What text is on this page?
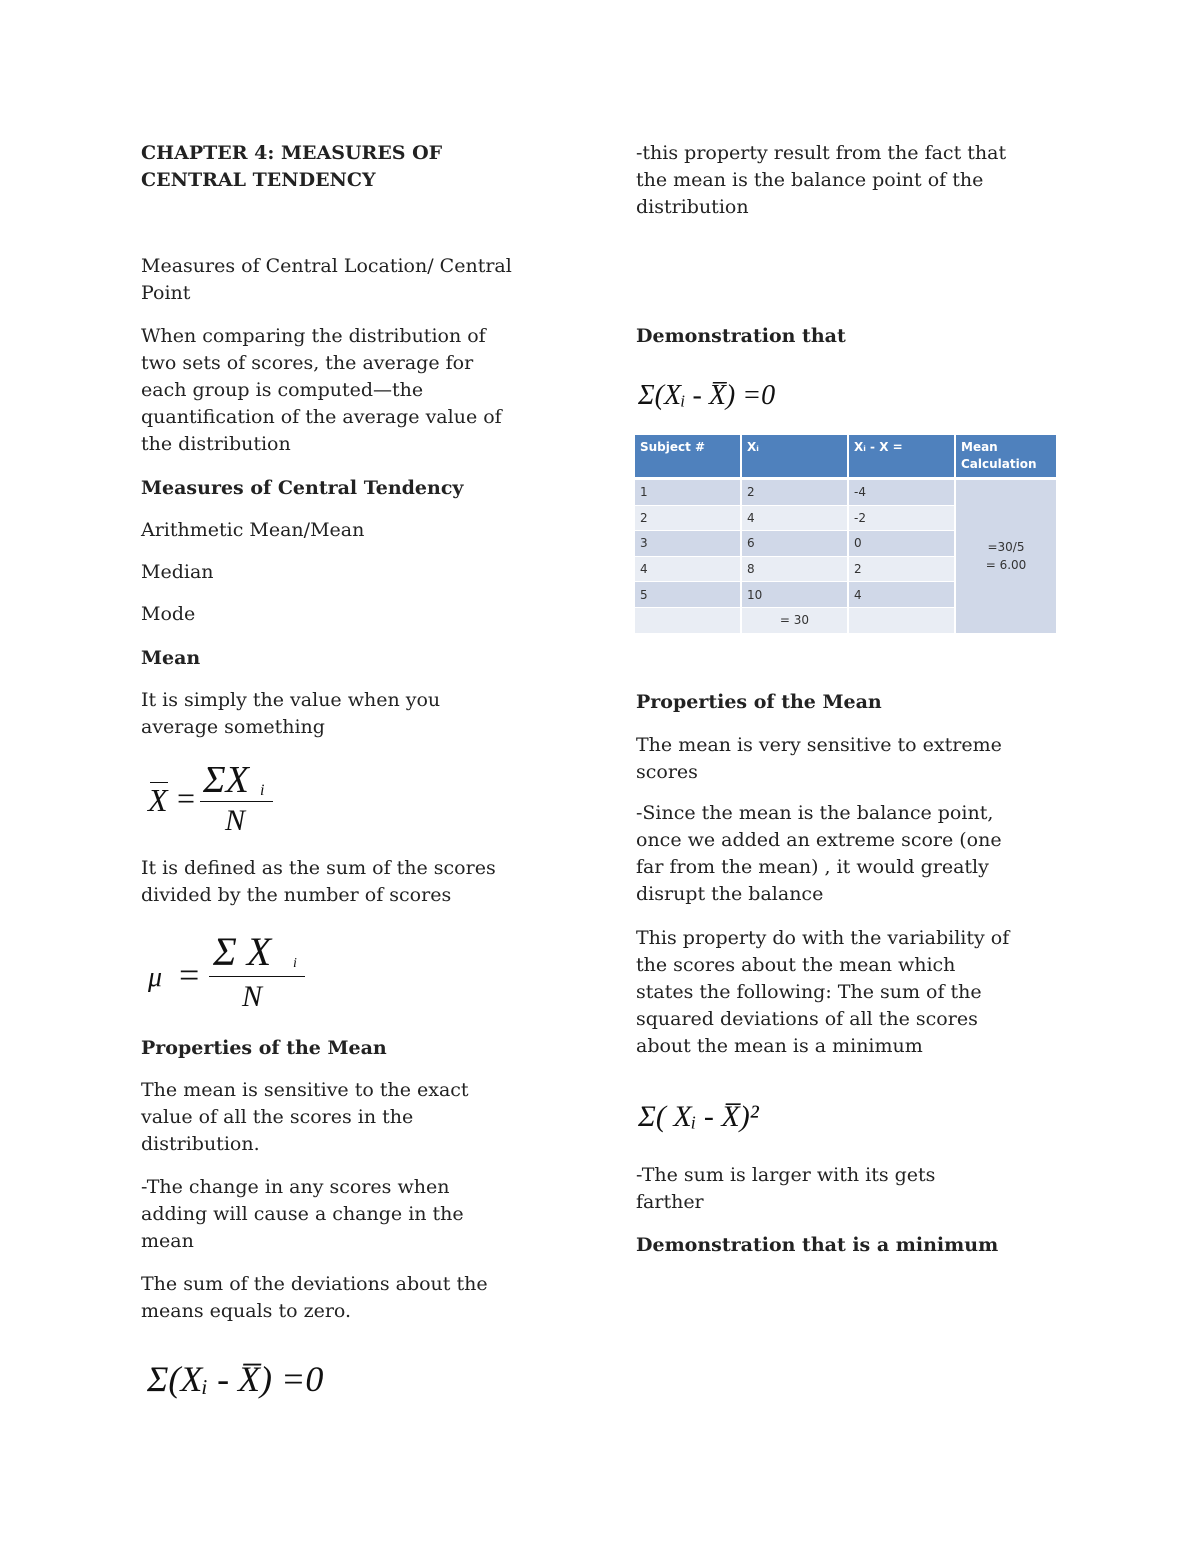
CHAPTER 4: MEASURES OF
CENTRAL TENDENCY
Measures of Central Location/ Central
Point
When comparing the distribution of
two sets of scores, the average for
each group is computed—the
quantification of the average value of
the distribution
Measures of Central Tendency
Arithmetic Mean/Mean
Median
Mode
Mean
It is simply the value when you
average something
X = ΣX i
N
It is defined as the sum of the scores
divided by the number of scores
μ =
Σ X i
N
Properties of the Mean
The mean is sensitive to the exact
value of all the scores in the
distribution.
-The change in any scores when
adding will cause a change in the
mean
The sum of the deviations about the
means equals to zero.
Σ(Xᵢ - X̅) =0
-this property result from the fact that
the mean is the balance point of the
distribution
Demonstration that
Σ(Xᵢ - X̅) =0
Subject #	Xᵢ	Xᵢ - X =	Mean Calculation
1	2	-4	=30/5
= 6.00

2	4	-2	
3	6	0	
4	8	2	
5	10	4	
	= 30		
Properties of the Mean
The mean is very sensitive to extreme
scores
-Since the mean is the balance point,
once we added an extreme score (one
far from the mean) , it would greatly
disrupt the balance
This property do with the variability of
the scores about the mean which
states the following: The sum of the
squared deviations of all the scores
about the mean is a minimum
Σ( Xᵢ - X̅)²
-The sum is larger with its gets
farther
Demonstration that is a minimum
